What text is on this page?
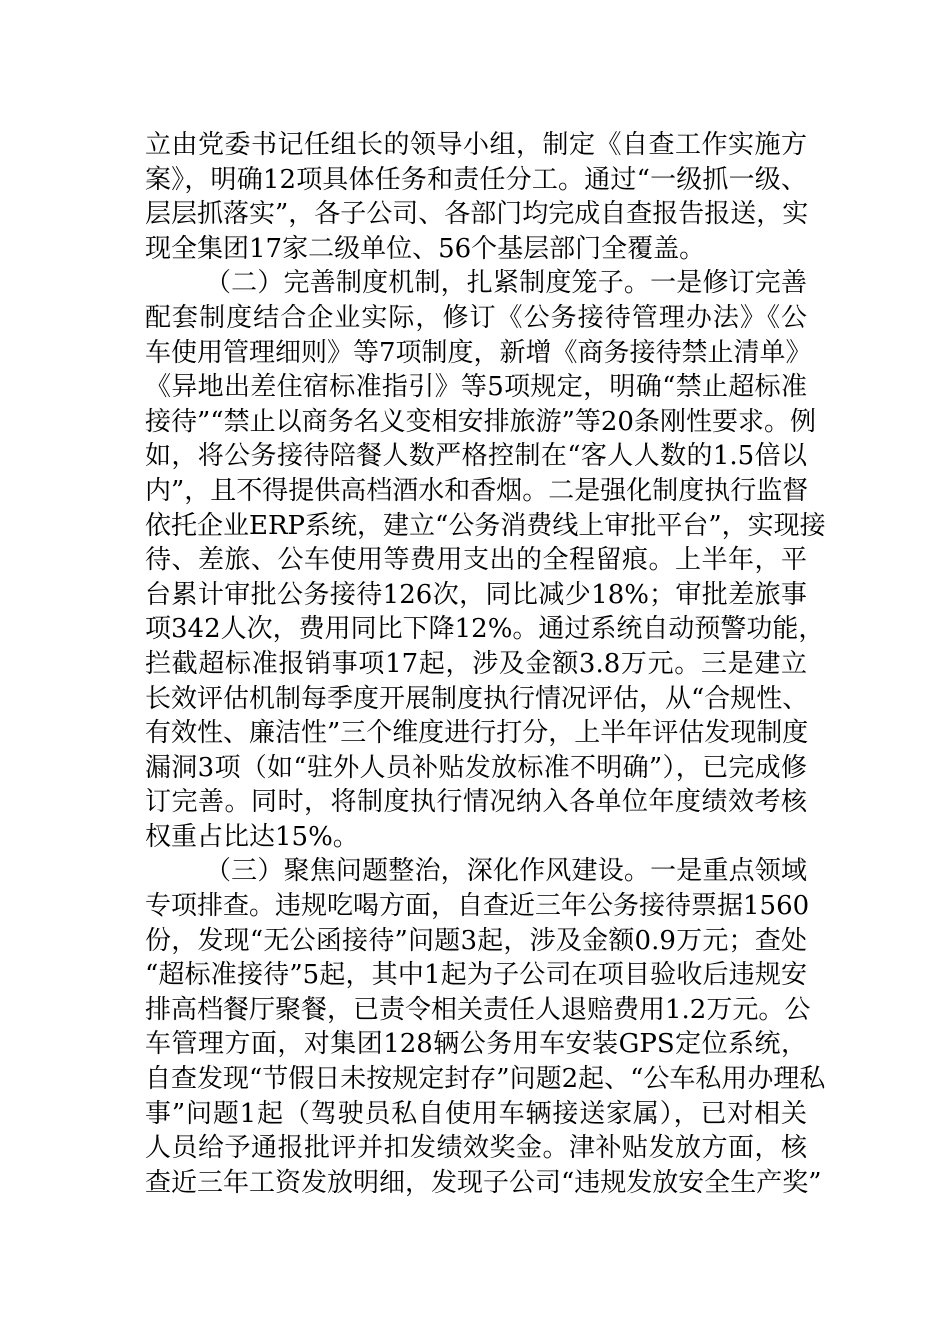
立由党委书记任组长的领导小组，制定《自查工作实施方
案》，明确12项具体任务和责任分工。通过“一级抓一级、
层层抓落实”，各子公司、各部门均完成自查报告报送，实
现全集团17家二级单位、56个基层部门全覆盖。
（二）完善制度机制，扎紧制度笼子。一是修订完善
配套制度结合企业实际，修订《公务接待管理办法》《公
车使用管理细则》等7项制度，新增《商务接待禁止清单》
《异地出差住宿标准指引》等5项规定，明确“禁止超标准
接待”“禁止以商务名义变相安排旅游”等20条刚性要求。例
如，将公务接待陪餐人数严格控制在“客人人数的1.5倍以
内”，且不得提供高档酒水和香烟。二是强化制度执行监督
依托企业ERP系统，建立“公务消费线上审批平台”，实现接
待、差旅、公车使用等费用支出的全程留痕。上半年，平
台累计审批公务接待126次，同比减少18%；审批差旅事
项342人次，费用同比下降12%。通过系统自动预警功能，
拦截超标准报销事项17起，涉及金额3.8万元。三是建立
长效评估机制每季度开展制度执行情况评估，从“合规性、
有效性、廉洁性”三个维度进行打分，上半年评估发现制度
漏洞3项（如“驻外人员补贴发放标准不明确”），已完成修
订完善。同时，将制度执行情况纳入各单位年度绩效考核
权重占比达15%。
（三）聚焦问题整治，深化作风建设。一是重点领域
专项排查。违规吃喝方面，自查近三年公务接待票据1560
份，发现“无公函接待”问题3起，涉及金额0.9万元；查处
“超标准接待”5起，其中1起为子公司在项目验收后违规安
排高档餐厅聚餐，已责令相关责任人退赔费用1.2万元。公
车管理方面，对集团128辆公务用车安装GPS定位系统，
自查发现“节假日未按规定封存”问题2起、“公车私用办理私
事”问题1起（驾驶员私自使用车辆接送家属），已对相关
人员给予通报批评并扣发绩效奖金。津补贴发放方面，核
查近三年工资发放明细，发现子公司“违规发放安全生产奖”
